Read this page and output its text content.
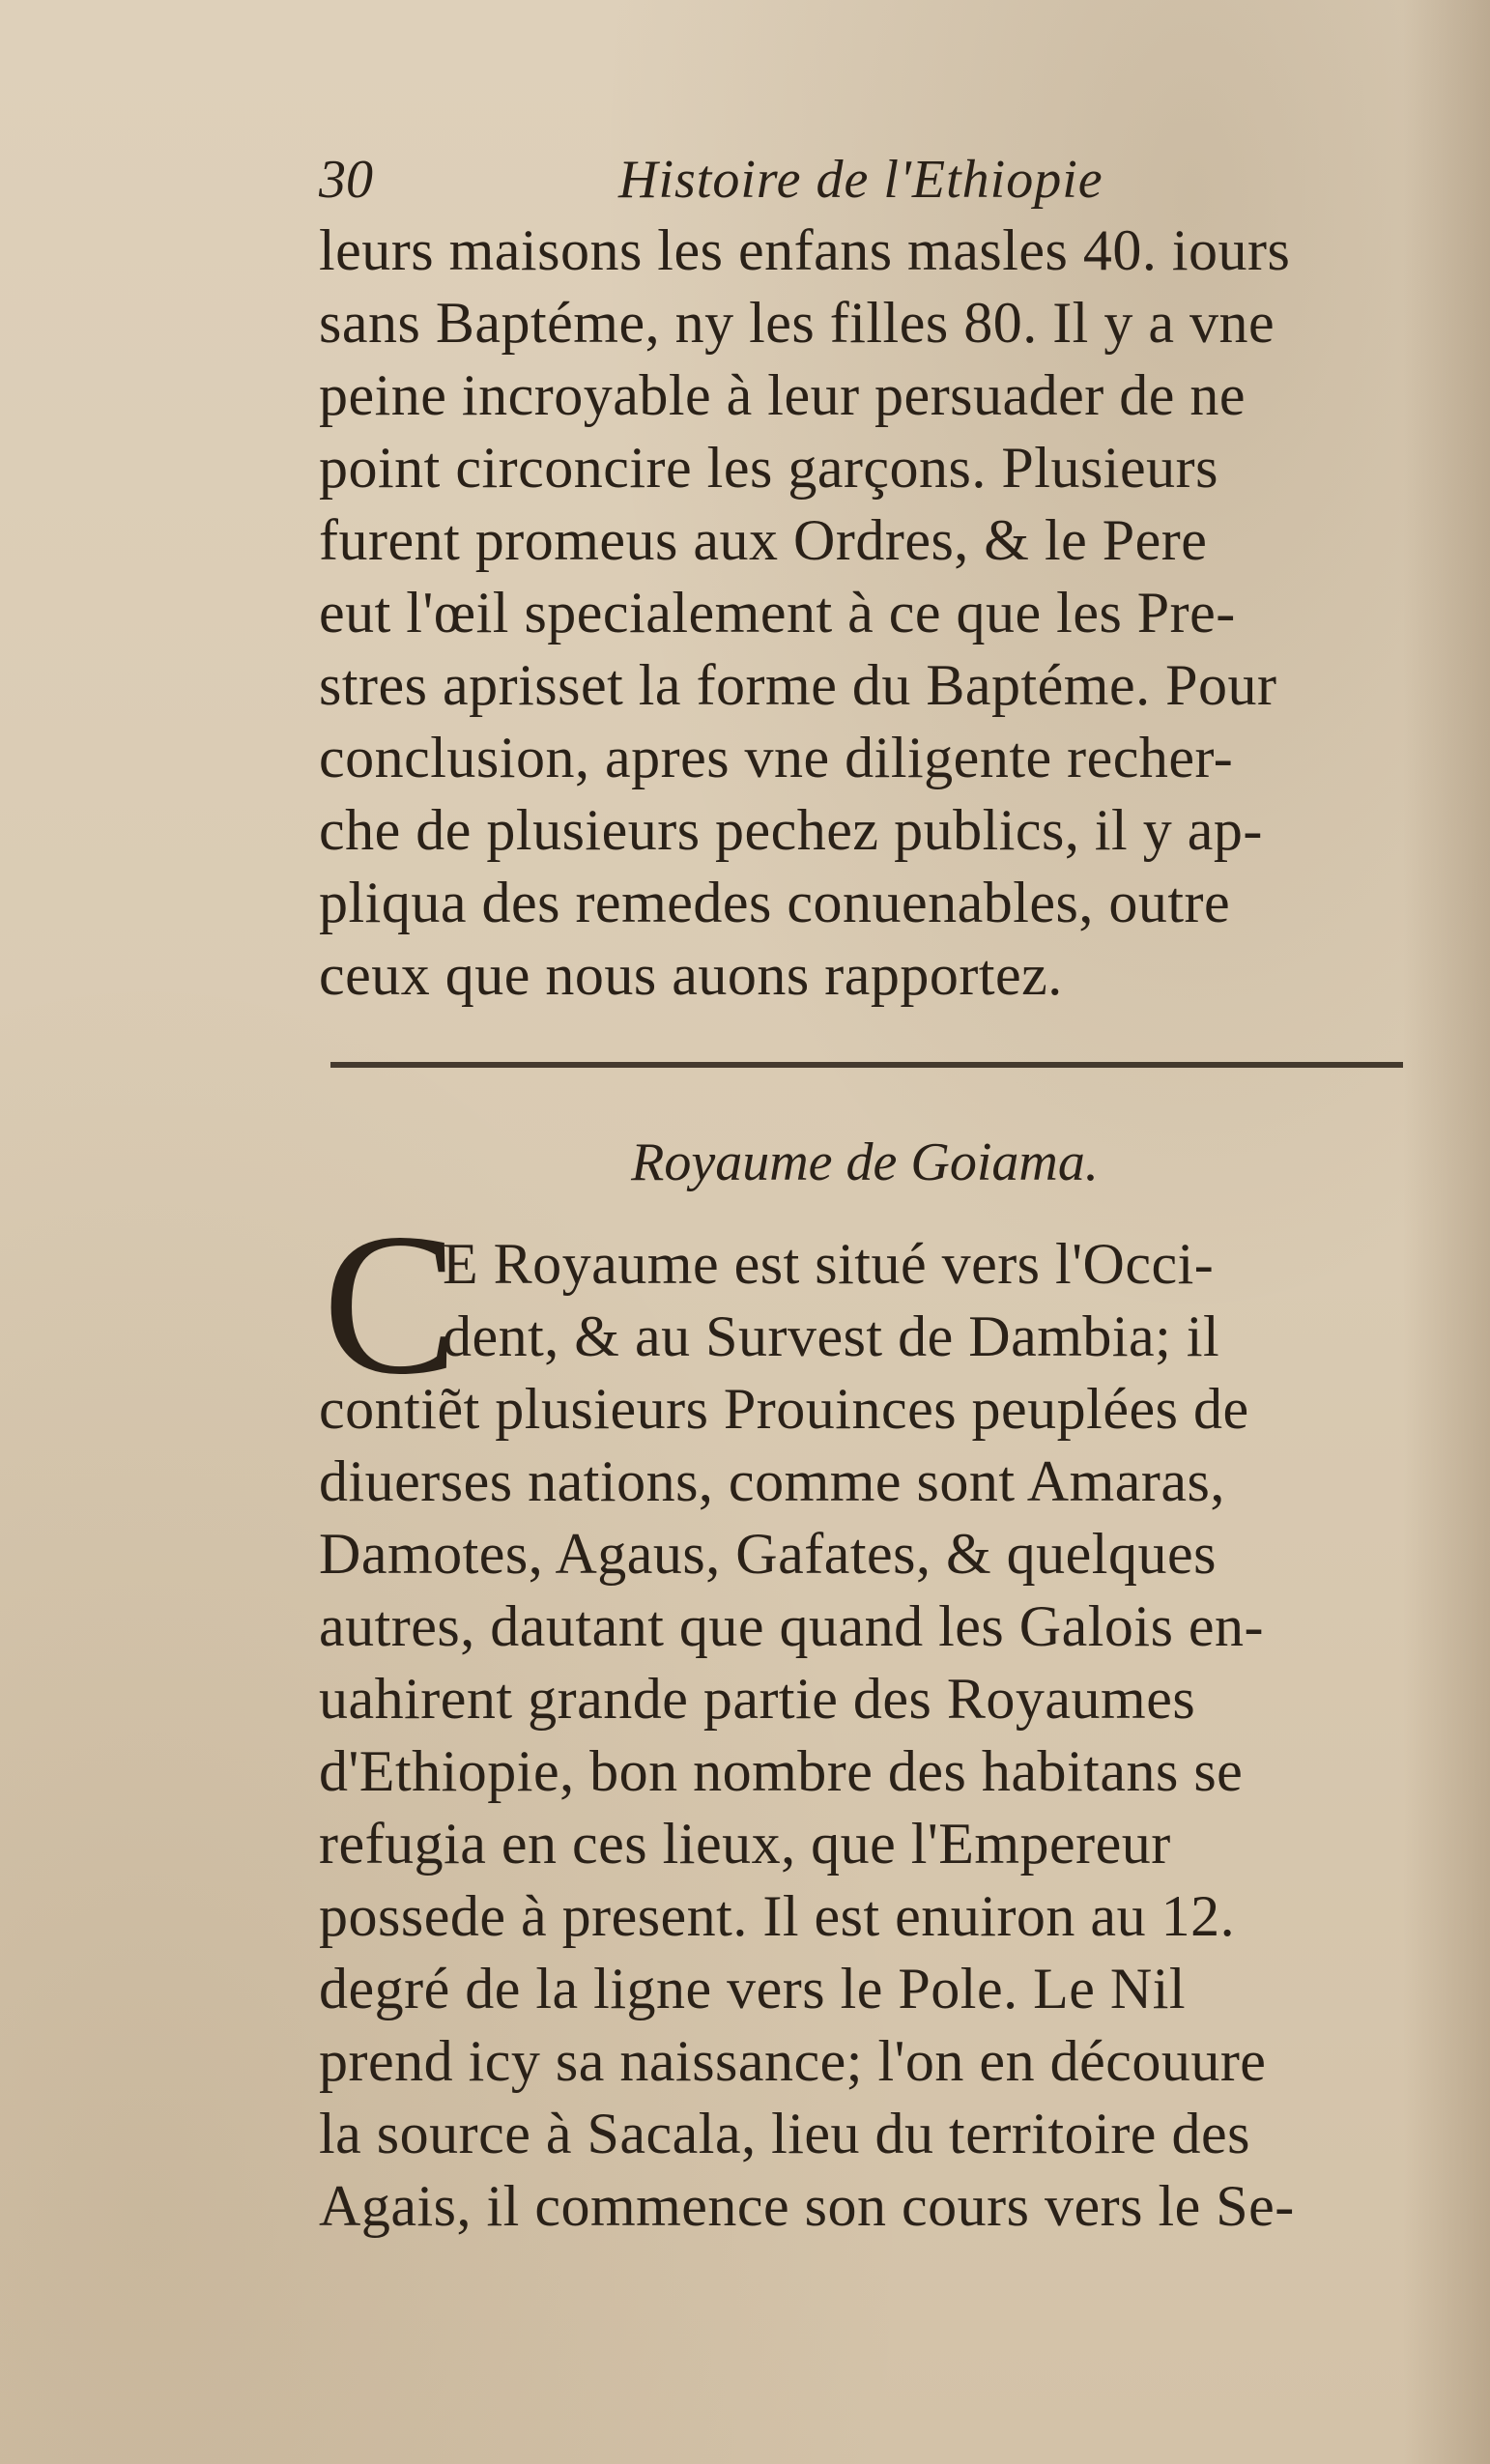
30	Histoire de l'Ethiopie
leurs maisons les enfans masles 40. iours
sans Baptéme, ny les filles 80. Il y a vne
peine incroyable à leur persuader de ne
point circoncire les garçons. Plusieurs
furent promeus aux Ordres, & le Pere
eut l'œil specialement à ce que les Pre-
stres aprisset la forme du Baptéme. Pour
conclusion, apres vne diligente recher-
che de plusieurs pechez publics, il y ap-
pliqua des remedes conuenables, outre
ceux que nous auons rapportez.
Royaume de Goiama.
C
E Royaume est situé vers l'Occi-
dent, & au Survest de Dambia; il
contiẽt plusieurs Prouinces peuplées de
diuerses nations, comme sont Amaras,
Damotes, Agaus, Gafates, & quelques
autres, dautant que quand les Galois en-
uahirent grande partie des Royaumes
d'Ethiopie, bon nombre des habitans se
refugia en ces lieux, que l'Empereur
possede à present. Il est enuiron au 12.
degré de la ligne vers le Pole. Le Nil
prend icy sa naissance; l'on en découure
la source à Sacala, lieu du territoire des
Agais, il commence son cours vers le Se-
